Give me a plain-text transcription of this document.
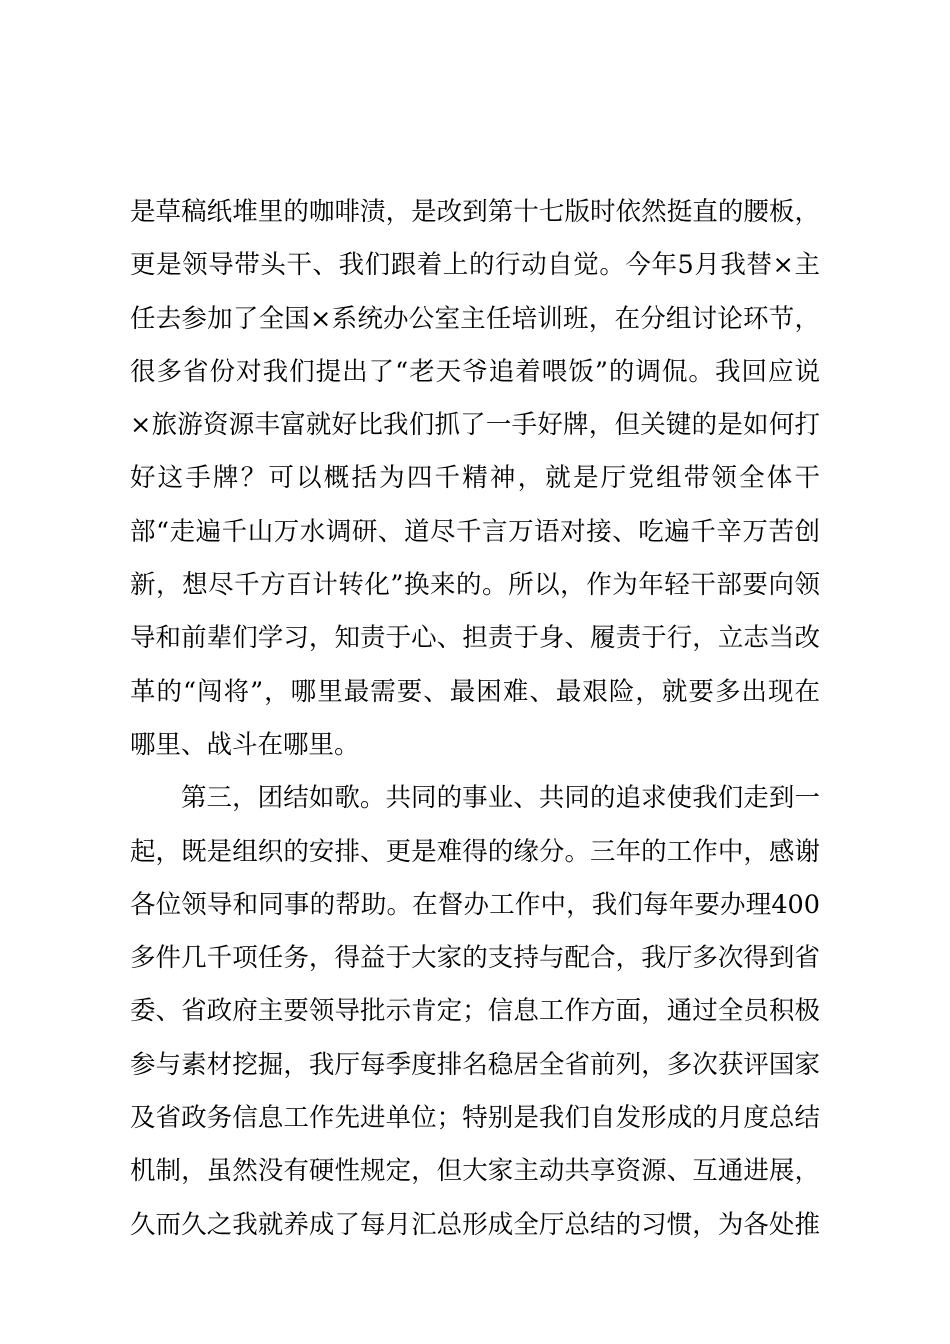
是草稿纸堆里的咖啡渍，是改到第十七版时依然挺直的腰板，
更是领导带头干、我们跟着上的行动自觉。今年5月我替×主
任去参加了全国×系统办公室主任培训班，在分组讨论环节，
很多省份对我们提出了“老天爷追着喂饭”的调侃。我回应说
×旅游资源丰富就好比我们抓了一手好牌，但关键的是如何打
好这手牌？可以概括为四千精神，就是厅党组带领全体干
部“走遍千山万水调研、道尽千言万语对接、吃遍千辛万苦创
新，想尽千方百计转化”换来的。所以，作为年轻干部要向领
导和前辈们学习，知责于心、担责于身、履责于行，立志当改
革的“闯将”，哪里最需要、最困难、最艰险，就要多出现在
哪里、战斗在哪里。
第三，团结如歌。共同的事业、共同的追求使我们走到一
起，既是组织的安排、更是难得的缘分。三年的工作中，感谢
各位领导和同事的帮助。在督办工作中，我们每年要办理400
多件几千项任务，得益于大家的支持与配合，我厅多次得到省
委、省政府主要领导批示肯定；信息工作方面，通过全员积极
参与素材挖掘，我厅每季度排名稳居全省前列，多次获评国家
及省政务信息工作先进单位；特别是我们自发形成的月度总结
机制，虽然没有硬性规定，但大家主动共享资源、互通进展，
久而久之我就养成了每月汇总形成全厅总结的习惯，为各处推
